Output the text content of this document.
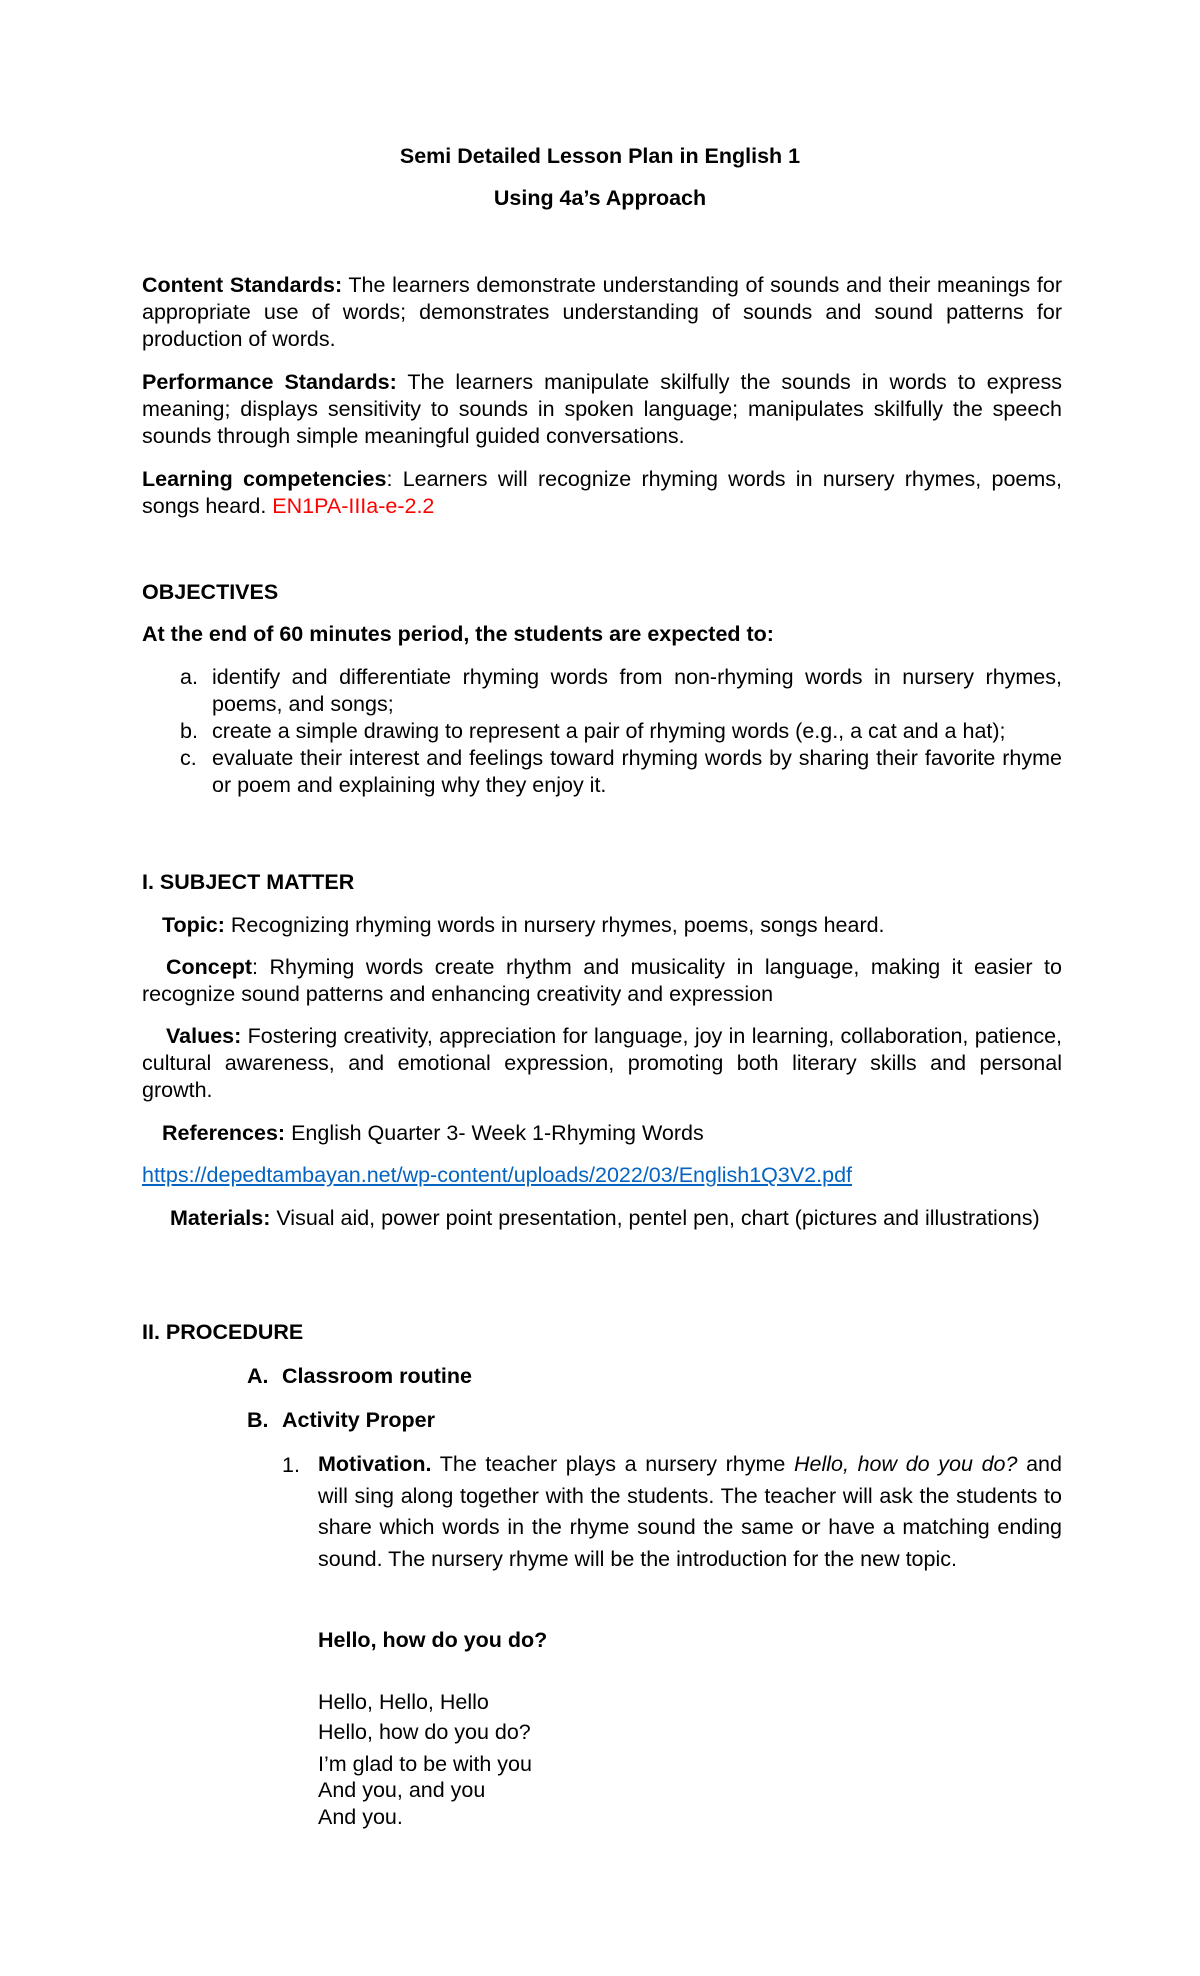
Semi Detailed Lesson Plan in English 1
Using 4a’s Approach
Content Standards: The learners demonstrate understanding of sounds and their meanings for appropriate use of words; demonstrates understanding of sounds and sound patterns for production of words.
Performance Standards: The learners manipulate skilfully the sounds in words to express meaning; displays sensitivity to sounds in spoken language; manipulates skilfully the speech sounds through simple meaningful guided conversations.
Learning competencies: Learners will recognize rhyming words in nursery rhymes, poems, songs heard. EN1PA-IIIa-e-2.2
OBJECTIVES
At the end of 60 minutes period, the students are expected to:
a. identify and differentiate rhyming words from non-rhyming words in nursery rhymes, poems, and songs;
b. create a simple drawing to represent a pair of rhyming words (e.g., a cat and a hat);
c. evaluate their interest and feelings toward rhyming words by sharing their favorite rhyme or poem and explaining why they enjoy it.
I. SUBJECT MATTER
Topic: Recognizing rhyming words in nursery rhymes, poems, songs heard.
Concept: Rhyming words create rhythm and musicality in language, making it easier to recognize sound patterns and enhancing creativity and expression
Values: Fostering creativity, appreciation for language, joy in learning, collaboration, patience, cultural awareness, and emotional expression, promoting both literary skills and personal growth.
References: English Quarter 3- Week 1-Rhyming Words
https://depedtambayan.net/wp-content/uploads/2022/03/English1Q3V2.pdf
Materials: Visual aid, power point presentation, pentel pen, chart (pictures and illustrations)
II. PROCEDURE
A. Classroom routine
B. Activity Proper
1. Motivation. The teacher plays a nursery rhyme Hello, how do you do? and will sing along together with the students. The teacher will ask the students to share which words in the rhyme sound the same or have a matching ending sound. The nursery rhyme will be the introduction for the new topic.
Hello, how do you do?
Hello, Hello, Hello
Hello, how do you do?
I’m glad to be with you
And you, and you
And you.
